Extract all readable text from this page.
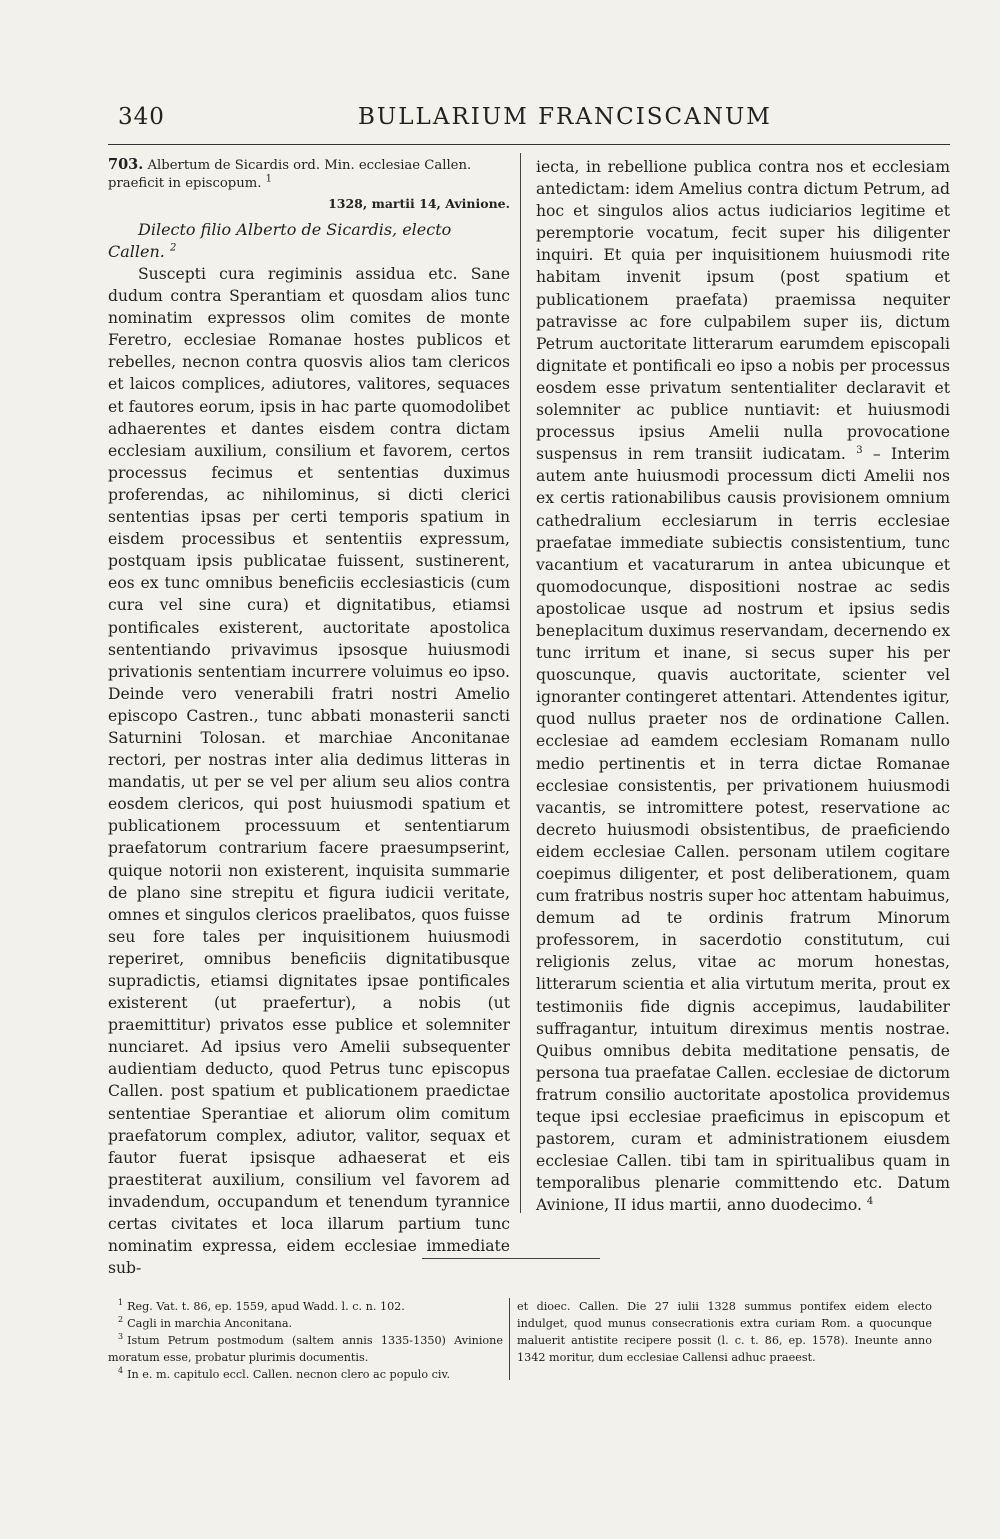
340	BULLARIUM FRANCISCANUM
703. Albertum de Sicardis ord. Min. ecclesiae Callen. praeficit in episcopum. $^1$
1328, martii 14, Avinione.

Dilecto filio Alberto de Sicardis, electo Callen. $^2$

Suscepti cura regiminis assidua etc. Sane dudum contra Sperantiam et quosdam alios tunc nominatim expressos olim comites de monte Feretro, ecclesiae Romanae hostes publicos et rebelles, necnon contra quosvis alios tam clericos et laicos complices, adiutores, valitores, sequaces et fautores eorum, ipsis in hac parte quomodolibet adhaerentes et dantes eisdem contra dictam ecclesiam auxilium, consilium et favorem, certos processus fecimus et sententias duximus proferendas, ac nihilominus, si dicti clerici sententias ipsas per certi temporis spatium in eisdem processibus et sententiis expressum, postquam ipsis publicatae fuissent, sustinerent, eos ex tunc omnibus beneficiis ecclesiasticis (cum cura vel sine cura) et dignitatibus, etiamsi pontificales existerent, auctoritate apostolica sententiando privavimus ipsosque huiusmodi privationis sententiam incurrere voluimus eo ipso. Deinde vero venerabili fratri nostri Amelio episcopo Castren., tunc abbati monasterii sancti Saturnini Tolosan. et marchiae Anconitanae rectori, per nostras inter alia dedimus litteras in mandatis, ut per se vel per alium seu alios contra eosdem clericos, qui post huiusmodi spatium et publicationem processuum et sententiarum praefatorum contrarium facere praesumpserint, quique notorii non existerent, inquisita summarie de plano sine strepitu et figura iudicii veritate, omnes et singulos clericos praelibatos, quos fuisse seu fore tales per inquisitionem huiusmodi reperiret, omnibus beneficiis dignitatibusque supradictis, etiamsi dignitates ipsae pontificales existerent (ut praefertur), a nobis (ut praemittitur) privatos esse publice et solemniter nunciaret. Ad ipsius vero Amelii subsequenter audientiam deducto, quod Petrus tunc episcopus Callen. post spatium et publicationem praedictae sententiae Sperantiae et aliorum olim comitum praefatorum complex, adiutor, valitor, sequax et fautor fuerat ipsisque adhaeserat et eis praestiterat auxilium, consilium vel favorem ad invadendum, occupandum et tenendum tyrannice certas civitates et loca illarum partium tunc nominatim expressa, eidem ecclesiae immediate sub-

iecta, in rebellione publica contra nos et ecclesiam antedictam: idem Amelius contra dictum Petrum, ad hoc et singulos alios actus iudiciarios legitime et peremptorie vocatum, fecit super his diligenter inquiri. Et quia per inquisitionem huiusmodi rite habitam invenit ipsum (post spatium et publicationem praefata) praemissa nequiter patravisse ac fore culpabilem super iis, dictum Petrum auctoritate litterarum earumdem episcopali dignitate et pontificali eo ipso a nobis per processus eosdem esse privatum sententialiter declaravit et solemniter ac publice nuntiavit: et huiusmodi processus ipsius Amelii nulla provocatione suspensus in rem transiit iudicatam. $^3$ – Interim autem ante huiusmodi processum dicti Amelii nos ex certis rationabilibus causis provisionem omnium cathedralium ecclesiarum in terris ecclesiae praefatae immediate subiectis consistentium, tunc vacantium et vacaturarum in antea ubicunque et quomodocunque, dispositioni nostrae ac sedis apostolicae usque ad nostrum et ipsius sedis beneplacitum duximus reservandam, decernendo ex tunc irritum et inane, si secus super his per quoscunque, quavis auctoritate, scienter vel ignoranter contingeret attentari. Attendentes igitur, quod nullus praeter nos de ordinatione Callen. ecclesiae ad eamdem ecclesiam Romanam nullo medio pertinentis et in terra dictae Romanae ecclesiae consistentis, per privationem huiusmodi vacantis, se intromittere potest, reservatione ac decreto huiusmodi obsistentibus, de praeficiendo eidem ecclesiae Callen. personam utilem cogitare coepimus diligenter, et post deliberationem, quam cum fratribus nostris super hoc attentam habuimus, demum ad te ordinis fratrum Minorum professorem, in sacerdotio constitutum, cui religionis zelus, vitae ac morum honestas, litterarum scientia et alia virtutum merita, prout ex testimoniis fide dignis accepimus, laudabiliter suffragantur, intuitum direximus mentis nostrae. Quibus omnibus debita meditatione pensatis, de persona tua praefatae Callen. ecclesiae de dictorum fratrum consilio auctoritate apostolica providemus teque ipsi ecclesiae praeficimus in episcopum et pastorem, curam et administrationem eiusdem ecclesiae Callen. tibi tam in spiritualibus quam in temporalibus plenarie committendo etc. Datum Avinione, II idus martii, anno duodecimo. $^4$

$^1$ Reg. Vat. t. 86, ep. 1559, apud Wadd. l. c. n. 102.

$^2$ Cagli in marchia Anconitana.

$^3$ Istum Petrum postmodum (saltem annis 1335-1350) Avinione moratum esse, probatur plurimis documentis.

$^4$ In e. m. capitulo eccl. Callen. necnon clero ac populo civ.

et dioec. Callen. Die 27 iulii 1328 summus pontifex eidem electo indulget, quod munus consecrationis extra curiam Rom. a quocunque maluerit antistite recipere possit (l. c. t. 86, ep. 1578). Ineunte anno 1342 moritur, dum ecclesiae Callensi adhuc praeest.
